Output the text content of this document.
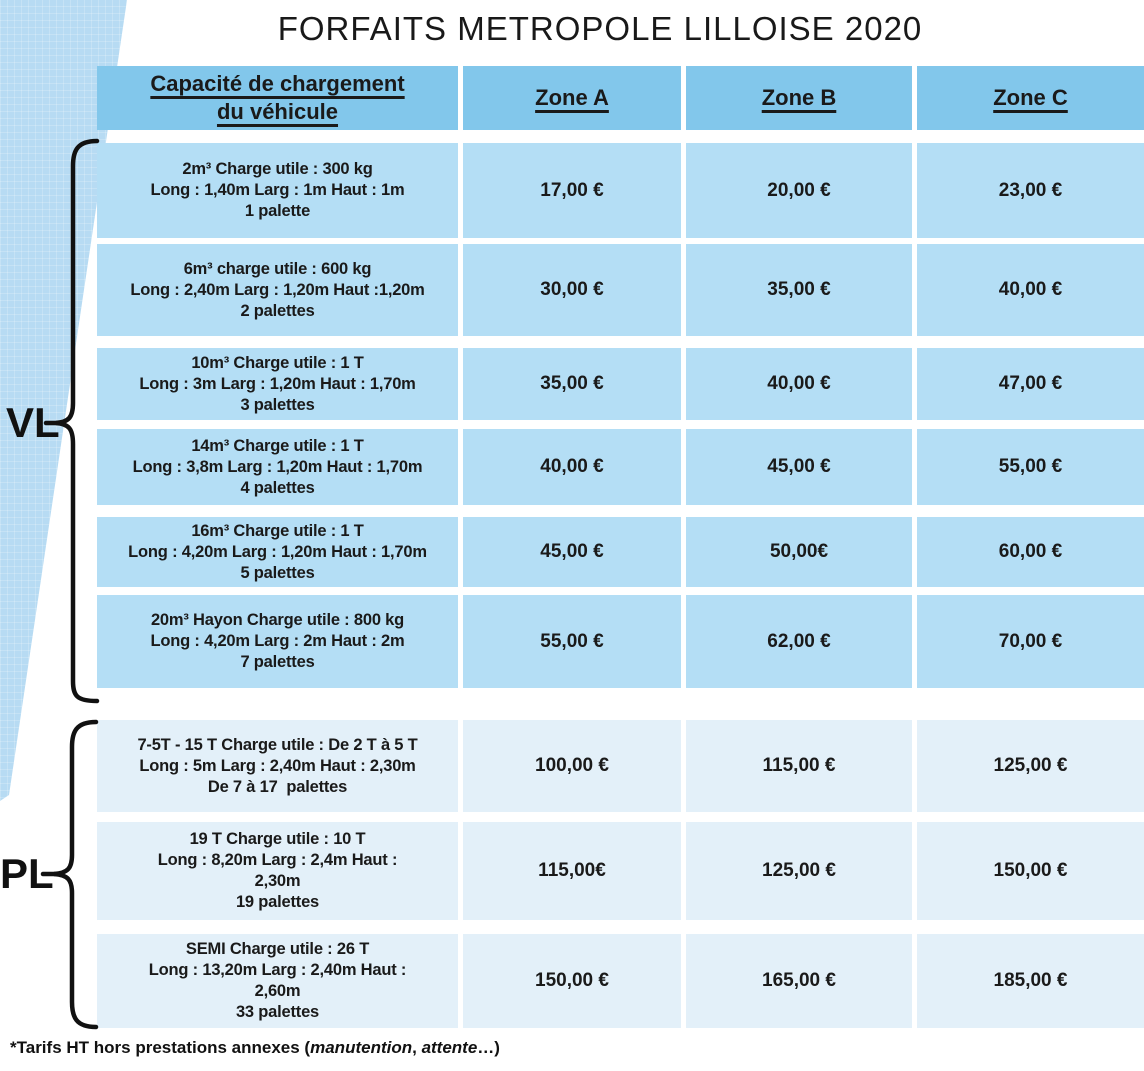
FORFAITS METROPOLE LILLOISE 2020
Capacité de chargement
du véhicule
Zone A	Zone B	Zone C
2m³ Charge utile : 300 kg
Long : 1,40m Larg : 1m Haut : 1m
1 palette
17,00 €	20,00 €	23,00 €
6m³ charge utile : 600 kg
Long : 2,40m Larg : 1,20m Haut :1,20m
2 palettes
30,00 €	35,00 €	40,00 €
10m³ Charge utile : 1 T
Long : 3m Larg : 1,20m Haut : 1,70m
3 palettes
35,00 €	40,00 €	47,00 €
14m³ Charge utile : 1 T
Long : 3,8m Larg : 1,20m Haut : 1,70m
4 palettes
40,00 €	45,00 €	55,00 €
16m³ Charge utile : 1 T
Long : 4,20m Larg : 1,20m Haut : 1,70m
5 palettes
45,00 €	50,00€	60,00 €
20m³ Hayon Charge utile : 800 kg
Long : 4,20m Larg : 2m Haut : 2m
7 palettes
55,00 €	62,00 €	70,00 €
7-5T - 15 T Charge utile : De 2 T à 5 T
Long : 5m Larg : 2,40m Haut : 2,30m
De 7 à 17  palettes
100,00 €	115,00 €	125,00 €
19 T Charge utile : 10 T
Long : 8,20m Larg : 2,4m Haut :
2,30m
19 palettes
115,00€	125,00 €	150,00 €
SEMI Charge utile : 26 T
Long : 13,20m Larg : 2,40m Haut :
2,60m
33 palettes
150,00 €	165,00 €	185,00 €
VL
PL
*Tarifs HT hors prestations annexes (manutention, attente…)
